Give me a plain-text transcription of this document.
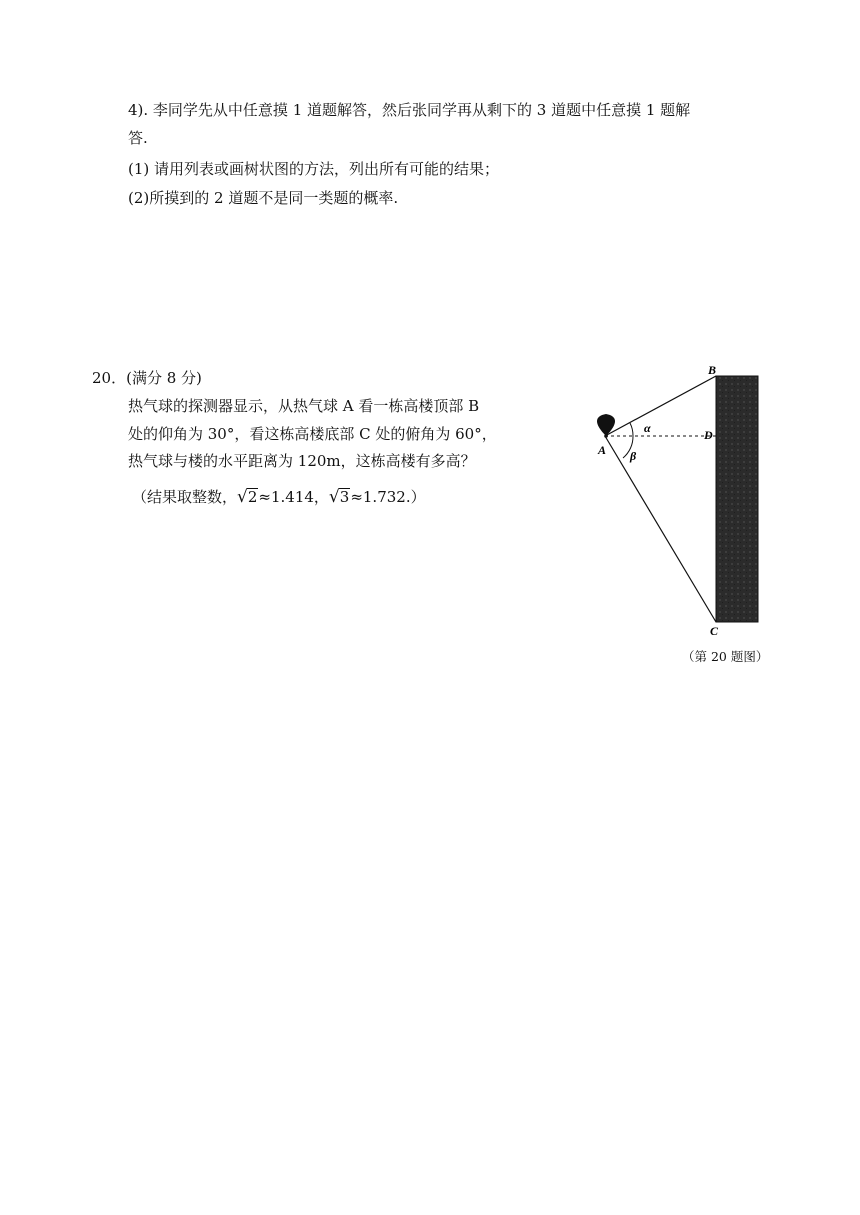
4). 李同学先从中任意摸 1 道题解答，然后张同学再从剩下的 3 道题中任意摸 1 题解
答.
(1) 请用列表或画树状图的方法，列出所有可能的结果；
(2)所摸到的 2 道题不是同一类题的概率.
20．(满分 8 分)
热气球的探测器显示，从热气球 A 看一栋高楼顶部 B
处的仰角为 30°，看这栋高楼底部 C 处的俯角为 60°，
热气球与楼的水平距离为 120m，这栋高楼有多高？
（结果取整数，√2≈1.414，√3≈1.732.）
B
D
A
C
α
β
（第 20 题图）
